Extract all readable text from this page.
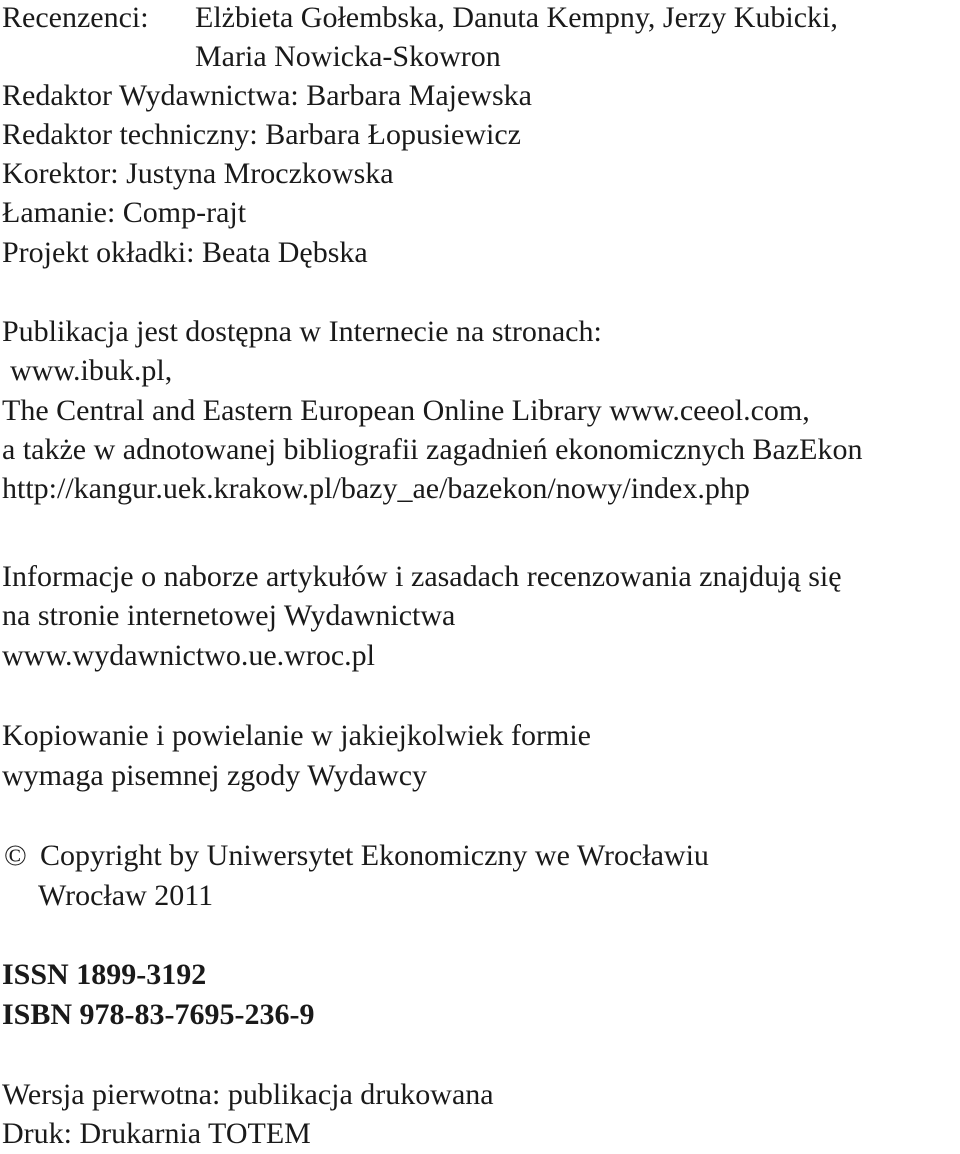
Recenzenci: Elżbieta Gołembska, Danuta Kempny, Jerzy Kubicki,
Maria Nowicka-Skowron
Redaktor Wydawnictwa: Barbara Majewska
Redaktor techniczny: Barbara Łopusiewicz
Korektor: Justyna Mroczkowska
Łamanie: Comp-rajt
Projekt okładki: Beata Dębska
Publikacja jest dostępna w Internecie na stronach:
www.ibuk.pl,
The Central and Eastern European Online Library www.ceeol.com,
a także w adnotowanej bibliografii zagadnień ekonomicznych BazEkon
http://kangur.uek.krakow.pl/bazy_ae/bazekon/nowy/index.php
Informacje o naborze artykułów i zasadach recenzowania znajdują się
na stronie internetowej Wydawnictwa
www.wydawnictwo.ue.wroc.pl
Kopiowanie i powielanie w jakiejkolwiek formie
wymaga pisemnej zgody Wydawcy
© Copyright by Uniwersytet Ekonomiczny we Wrocławiu
Wrocław 2011
ISSN 1899-3192
ISBN 978-83-7695-236-9
Wersja pierwotna: publikacja drukowana
Druk: Drukarnia TOTEM
